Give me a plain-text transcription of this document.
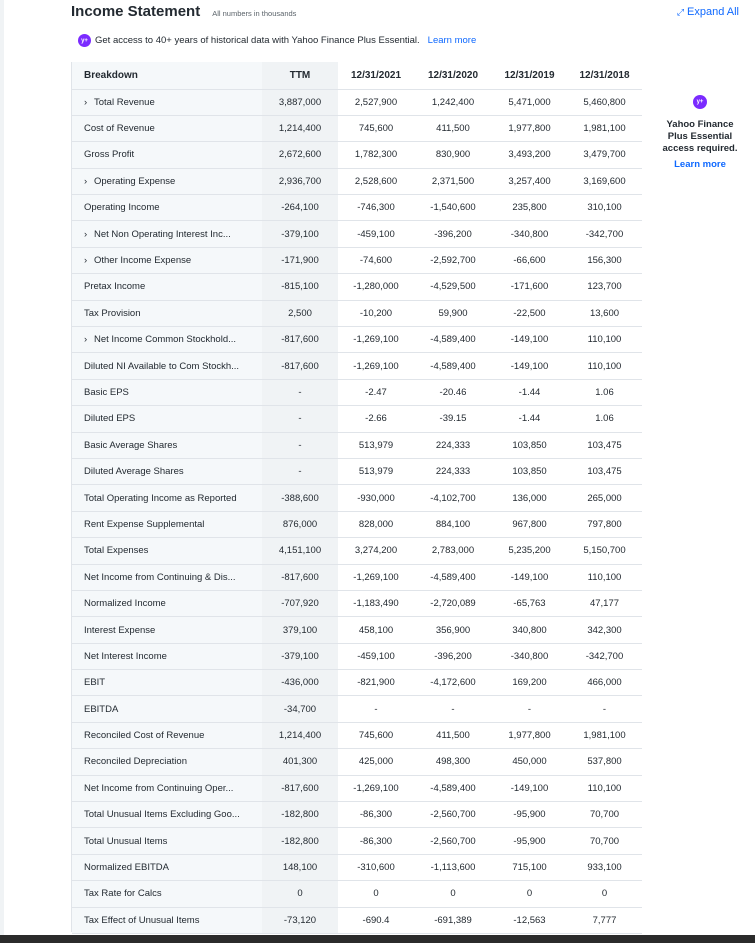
Income Statement All numbers in thousands	⤢ Expand All
y+ Get access to 40+ years of historical data with Yahoo Finance Plus Essential. Learn more
Breakdown	TTM	12/31/2021	12/31/2020	12/31/2019	12/31/2018
› Total Revenue	3,887,000	2,527,900	1,242,400	5,471,000	5,460,800
Cost of Revenue	1,214,400	745,600	411,500	1,977,800	1,981,100
Gross Profit	2,672,600	1,782,300	830,900	3,493,200	3,479,700
› Operating Expense	2,936,700	2,528,600	2,371,500	3,257,400	3,169,600
Operating Income	-264,100	-746,300	-1,540,600	235,800	310,100
› Net Non Operating Interest Inc...	-379,100	-459,100	-396,200	-340,800	-342,700
› Other Income Expense	-171,900	-74,600	-2,592,700	-66,600	156,300
Pretax Income	-815,100	-1,280,000	-4,529,500	-171,600	123,700
Tax Provision	2,500	-10,200	59,900	-22,500	13,600
› Net Income Common Stockhold...	-817,600	-1,269,100	-4,589,400	-149,100	110,100
Diluted NI Available to Com Stockh...	-817,600	-1,269,100	-4,589,400	-149,100	110,100
Basic EPS	-	-2.47	-20.46	-1.44	1.06
Diluted EPS	-	-2.66	-39.15	-1.44	1.06
Basic Average Shares	-	513,979	224,333	103,850	103,475
Diluted Average Shares	-	513,979	224,333	103,850	103,475
Total Operating Income as Reported	-388,600	-930,000	-4,102,700	136,000	265,000
Rent Expense Supplemental	876,000	828,000	884,100	967,800	797,800
Total Expenses	4,151,100	3,274,200	2,783,000	5,235,200	5,150,700
Net Income from Continuing & Dis...	-817,600	-1,269,100	-4,589,400	-149,100	110,100
Normalized Income	-707,920	-1,183,490	-2,720,089	-65,763	47,177
Interest Expense	379,100	458,100	356,900	340,800	342,300
Net Interest Income	-379,100	-459,100	-396,200	-340,800	-342,700
EBIT	-436,000	-821,900	-4,172,600	169,200	466,000
EBITDA	-34,700	-	-	-	-
Reconciled Cost of Revenue	1,214,400	745,600	411,500	1,977,800	1,981,100
Reconciled Depreciation	401,300	425,000	498,300	450,000	537,800
Net Income from Continuing Oper...	-817,600	-1,269,100	-4,589,400	-149,100	110,100
Total Unusual Items Excluding Goo...	-182,800	-86,300	-2,560,700	-95,900	70,700
Total Unusual Items	-182,800	-86,300	-2,560,700	-95,900	70,700
Normalized EBITDA	148,100	-310,600	-1,113,600	715,100	933,100
Tax Rate for Calcs	0	0	0	0	0
Tax Effect of Unusual Items	-73,120	-690.4	-691,389	-12,563	7,777
y+
Yahoo Finance
Plus Essential
access required.
Learn more
